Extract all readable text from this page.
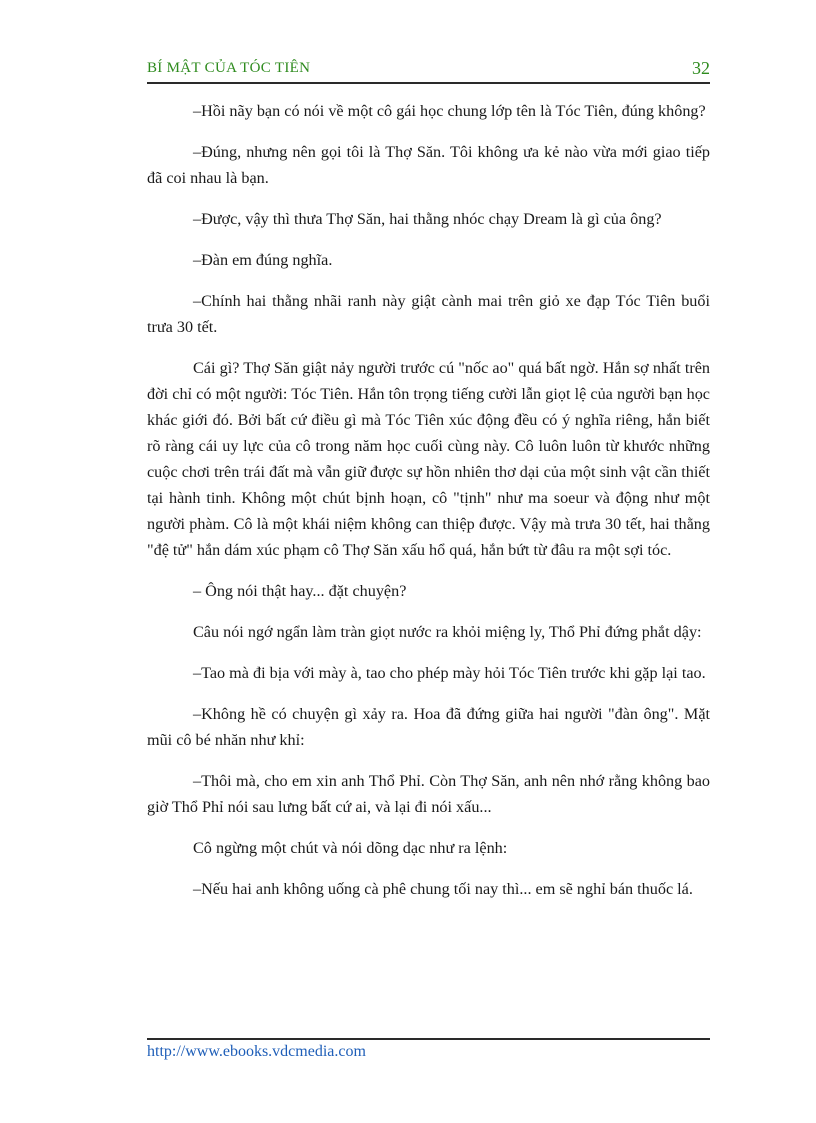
BÍ MẬT CỦA TÓC TIÊN	32

–Hồi nãy bạn có nói về một cô gái học chung lớp tên là Tóc Tiên, đúng không?

–Đúng, nhưng nên gọi tôi là Thợ Săn. Tôi không ưa kẻ nào vừa mới giao tiếp đã coi nhau là bạn.

–Được, vậy thì thưa Thợ Săn, hai thằng nhóc chạy Dream là gì của ông?

–Đàn em đúng nghĩa.

–Chính hai thằng nhãi ranh này giật cành mai trên giỏ xe đạp Tóc Tiên buổi trưa 30 tết.

Cái gì? Thợ Săn giật nảy người trước cú "nốc ao" quá bất ngờ. Hắn sợ nhất trên đời chỉ có một người: Tóc Tiên. Hắn tôn trọng tiếng cười lẫn giọt lệ của người bạn học khác giới đó. Bởi bất cứ điều gì mà Tóc Tiên xúc động đều có ý nghĩa riêng, hắn biết rõ ràng cái uy lực của cô trong năm học cuối cùng này. Cô luôn luôn từ khước những cuộc chơi trên trái đất mà vẫn giữ được sự hồn nhiên thơ dại của một sinh vật cần thiết tại hành tinh. Không một chút bịnh hoạn, cô "tịnh" như ma soeur và động như một người phàm. Cô là một khái niệm không can thiệp được. Vậy mà trưa 30 tết, hai thằng "đệ tử" hắn dám xúc phạm cô Thợ Săn xấu hổ quá, hắn bứt từ đâu ra một sợi tóc.

– Ông nói thật hay... đặt chuyện?

Câu nói ngớ ngẩn làm tràn giọt nước ra khỏi miệng ly, Thổ Phỉ đứng phắt dậy:

–Tao mà đi bịa với mày à, tao cho phép mày hỏi Tóc Tiên trước khi gặp lại tao.

–Không hề có chuyện gì xảy ra. Hoa đã đứng giữa hai người "đàn ông". Mặt mũi cô bé nhăn như khỉ:

–Thôi mà, cho em xin anh Thổ Phỉ. Còn Thợ Săn, anh nên nhớ rằng không bao giờ Thổ Phỉ nói sau lưng bất cứ ai, và lại đi nói xấu...

Cô ngừng một chút và nói dõng dạc như ra lệnh:

–Nếu hai anh không uống cà phê chung tối nay thì... em sẽ nghỉ bán thuốc lá.

http://www.ebooks.vdcmedia.com
